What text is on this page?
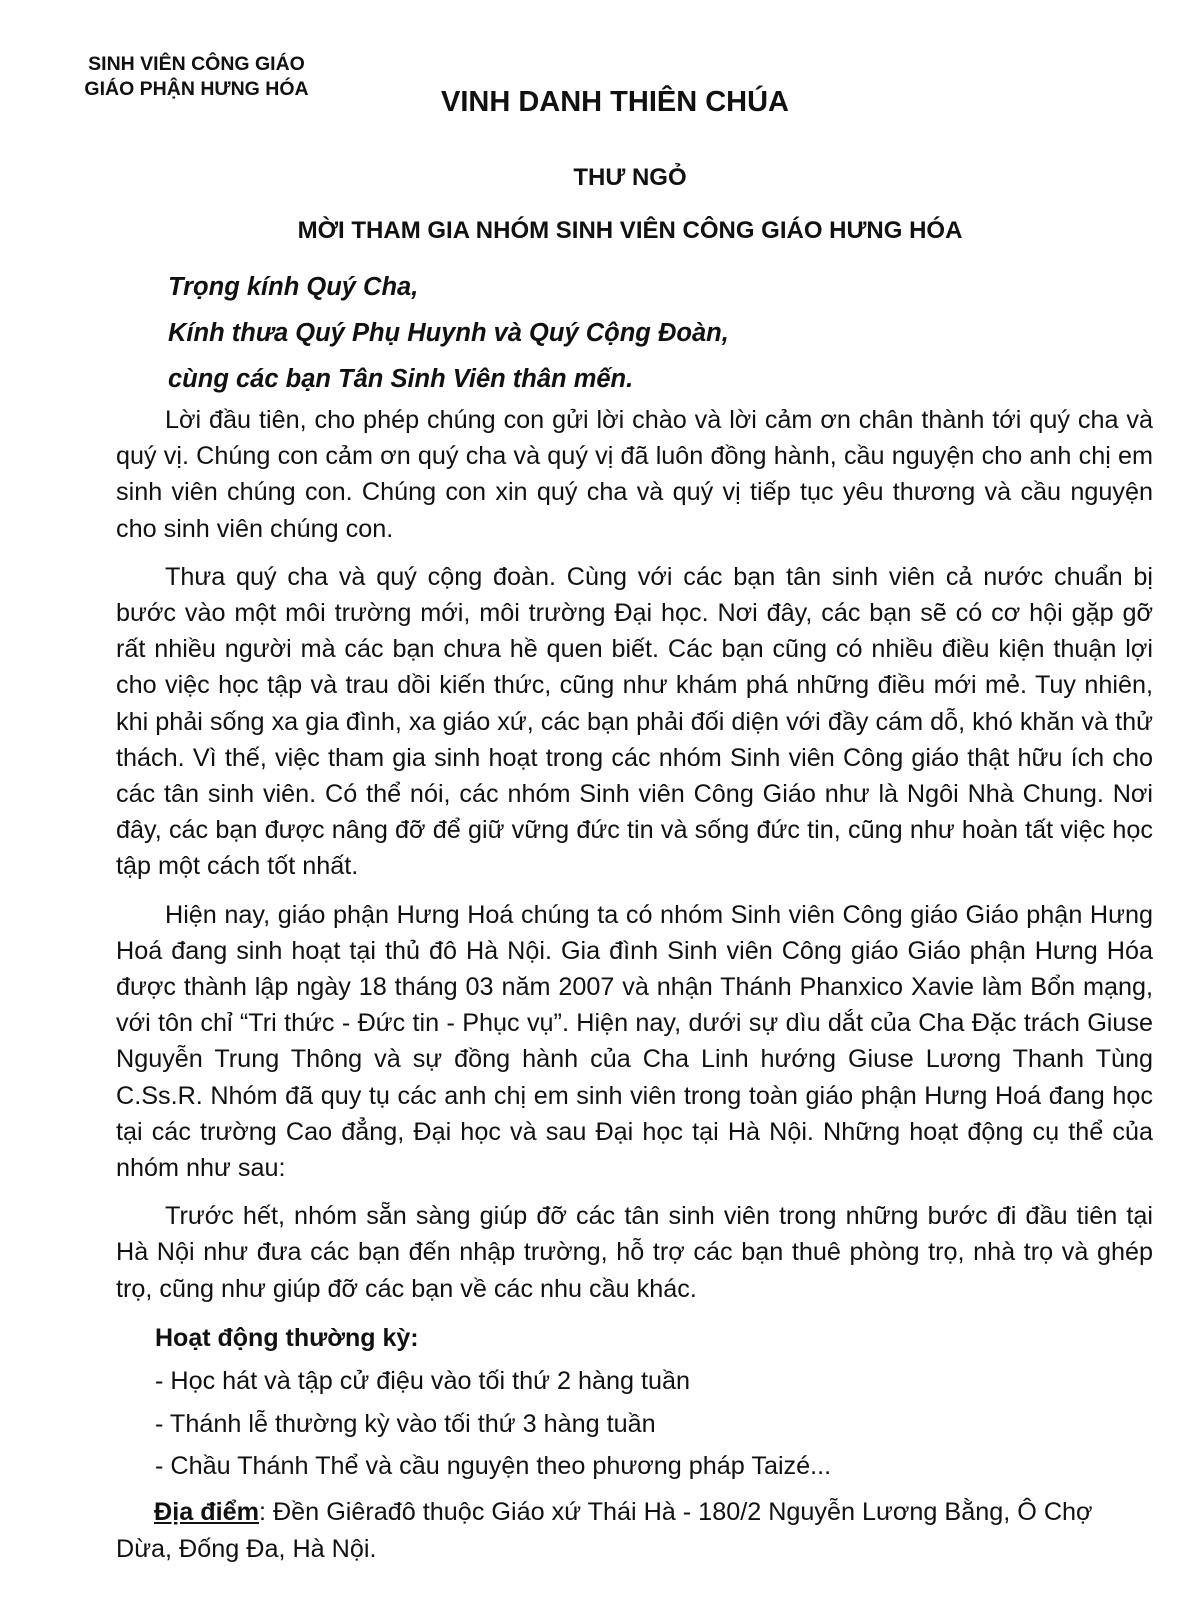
SINH VIÊN CÔNG GIÁO
GIÁO PHẬN HƯNG HÓA	VINH DANH THIÊN CHÚA
THƯ NGỎ
MỜI THAM GIA NHÓM SINH VIÊN CÔNG GIÁO HƯNG HÓA
Trọng kính Quý Cha,
Kính thưa Quý Phụ Huynh và Quý Cộng Đoàn,
cùng các bạn Tân Sinh Viên thân mến.

Lời đầu tiên, cho phép chúng con gửi lời chào và lời cảm ơn chân thành tới quý cha và quý vị. Chúng con cảm ơn quý cha và quý vị đã luôn đồng hành, cầu nguyện cho anh chị em sinh viên chúng con. Chúng con xin quý cha và quý vị tiếp tục yêu thương và cầu nguyện cho sinh viên chúng con.

Thưa quý cha và quý cộng đoàn. Cùng với các bạn tân sinh viên cả nước chuẩn bị bước vào một môi trường mới, môi trường Đại học. Nơi đây, các bạn sẽ có cơ hội gặp gỡ rất nhiều người mà các bạn chưa hề quen biết. Các bạn cũng có nhiều điều kiện thuận lợi cho việc học tập và trau dồi kiến thức, cũng như khám phá những điều mới mẻ. Tuy nhiên, khi phải sống xa gia đình, xa giáo xứ, các bạn phải đối diện với đầy cám dỗ, khó khăn và thử thách. Vì thế, việc tham gia sinh hoạt trong các nhóm Sinh viên Công giáo thật hữu ích cho các tân sinh viên. Có thể nói, các nhóm Sinh viên Công Giáo như là Ngôi Nhà Chung. Nơi đây, các bạn được nâng đỡ để giữ vững đức tin và sống đức tin, cũng như hoàn tất việc học tập một cách tốt nhất.

Hiện nay, giáo phận Hưng Hoá chúng ta có nhóm Sinh viên Công giáo Giáo phận Hưng Hoá đang sinh hoạt tại thủ đô Hà Nội. Gia đình Sinh viên Công giáo Giáo phận Hưng Hóa được thành lập ngày 18 tháng 03 năm 2007 và nhận Thánh Phanxico Xavie làm Bổn mạng, với tôn chỉ “Tri thức - Đức tin - Phục vụ”. Hiện nay, dưới sự dìu dắt của Cha Đặc trách Giuse Nguyễn Trung Thông và sự đồng hành của Cha Linh hướng Giuse Lương Thanh Tùng C.Ss.R. Nhóm đã quy tụ các anh chị em sinh viên trong toàn giáo phận Hưng Hoá đang học tại các trường Cao đẳng, Đại học và sau Đại học tại Hà Nội. Những hoạt động cụ thể của nhóm như sau:

Trước hết, nhóm sẵn sàng giúp đỡ các tân sinh viên trong những bước đi đầu tiên tại Hà Nội như đưa các bạn đến nhập trường, hỗ trợ các bạn thuê phòng trọ, nhà trọ và ghép trọ, cũng như giúp đỡ các bạn về các nhu cầu khác.

Hoạt động thường kỳ:
- Học hát và tập cử điệu vào tối thứ 2 hàng tuần
- Thánh lễ thường kỳ vào tối thứ 3 hàng tuần
- Chầu Thánh Thể và cầu nguyện theo phương pháp Taizé...
Địa điểm: Đền Giêrađô thuộc Giáo xứ Thái Hà - 180/2 Nguyễn Lương Bằng, Ô Chợ Dừa, Đống Đa, Hà Nội.
